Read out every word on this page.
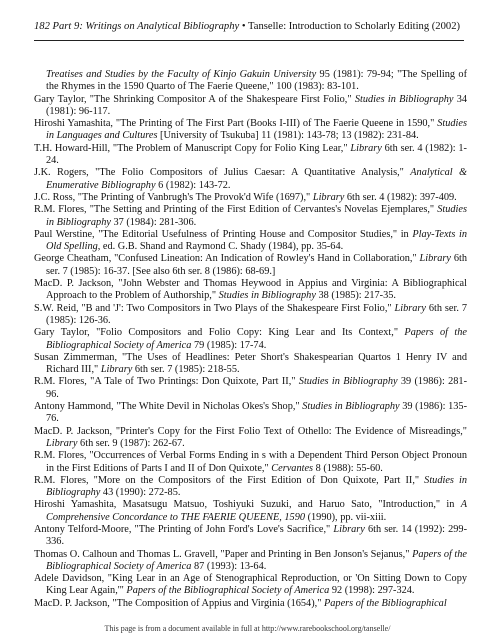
182 Part 9: Writings on Analytical Bibliography • Tanselle: Introduction to Scholarly Editing (2002)

Treatises and Studies by the Faculty of Kinjo Gakuin University 95 (1981): 79-94; "The Spelling of the Rhymes in the 1590 Quarto of The Faerie Queene," 100 (1983): 83-101.

Gary Taylor, "The Shrinking Compositor A of the Shakespeare First Folio," Studies in Bibliography 34 (1981): 96-117.

Hiroshi Yamashita, "The Printing of The First Part (Books I-III) of The Faerie Queene in 1590," Studies in Languages and Cultures [University of Tsukuba] 11 (1981): 143-78; 13 (1982): 231-84.

T.H. Howard-Hill, "The Problem of Manuscript Copy for Folio King Lear," Library 6th ser. 4 (1982): 1-24.

J.K. Rogers, "The Folio Compositors of Julius Caesar: A Quantitative Analysis," Analytical & Enumerative Bibliography 6 (1982): 143-72.

J.C. Ross, "The Printing of Vanbrugh's The Provok'd Wife (1697)," Library 6th ser. 4 (1982): 397-409.

R.M. Flores, "The Setting and Printing of the First Edition of Cervantes's Novelas Ejemplares," Studies in Bibliography 37 (1984): 281-306.

Paul Werstine, "The Editorial Usefulness of Printing House and Compositor Studies," in Play-Texts in Old Spelling, ed. G.B. Shand and Raymond C. Shady (1984), pp. 35-64.

George Cheatham, "Confused Lineation: An Indication of Rowley's Hand in Collaboration," Library 6th ser. 7 (1985): 16-37. [See also 6th ser. 8 (1986): 68-69.]

MacD. P. Jackson, "John Webster and Thomas Heywood in Appius and Virginia: A Bibliographical Approach to the Problem of Authorship," Studies in Bibliography 38 (1985): 217-35.

S.W. Reid, "B and 'J': Two Compositors in Two Plays of the Shakespeare First Folio," Library 6th ser. 7 (1985): 126-36.

Gary Taylor, "Folio Compositors and Folio Copy: King Lear and Its Context," Papers of the Bibliographical Society of America 79 (1985): 17-74.

Susan Zimmerman, "The Uses of Headlines: Peter Short's Shakespearian Quartos 1 Henry IV and Richard III," Library 6th ser. 7 (1985): 218-55.

R.M. Flores, "A Tale of Two Printings: Don Quixote, Part II," Studies in Bibliography 39 (1986): 281-96.

Antony Hammond, "The White Devil in Nicholas Okes's Shop," Studies in Bibliography 39 (1986): 135-76.

MacD. P. Jackson, "Printer's Copy for the First Folio Text of Othello: The Evidence of Misreadings," Library 6th ser. 9 (1987): 262-67.

R.M. Flores, "Occurrences of Verbal Forms Ending in s with a Dependent Third Person Object Pronoun in the First Editions of Parts I and II of Don Quixote," Cervantes 8 (1988): 55-60.

R.M. Flores, "More on the Compositors of the First Edition of Don Quixote, Part II," Studies in Bibliography 43 (1990): 272-85.

Hiroshi Yamashita, Masatsugu Matsuo, Toshiyuki Suzuki, and Haruo Sato, "Introduction," in A Comprehensive Concordance to THE FAERIE QUEENE, 1590 (1990), pp. vii-xiii.

Antony Telford-Moore, "The Printing of John Ford's Love's Sacrifice," Library 6th ser. 14 (1992): 299-336.

Thomas O. Calhoun and Thomas L. Gravell, "Paper and Printing in Ben Jonson's Sejanus," Papers of the Bibliographical Society of America 87 (1993): 13-64.

Adele Davidson, "King Lear in an Age of Stenographical Reproduction, or 'On Sitting Down to Copy King Lear Again,'" Papers of the Bibliographical Society of America 92 (1998): 297-324.

MacD. P. Jackson, "The Composition of Appius and Virginia (1654)," Papers of the Bibliographical

This page is from a document available in full at http://www.rarebookschool.org/tanselle/
